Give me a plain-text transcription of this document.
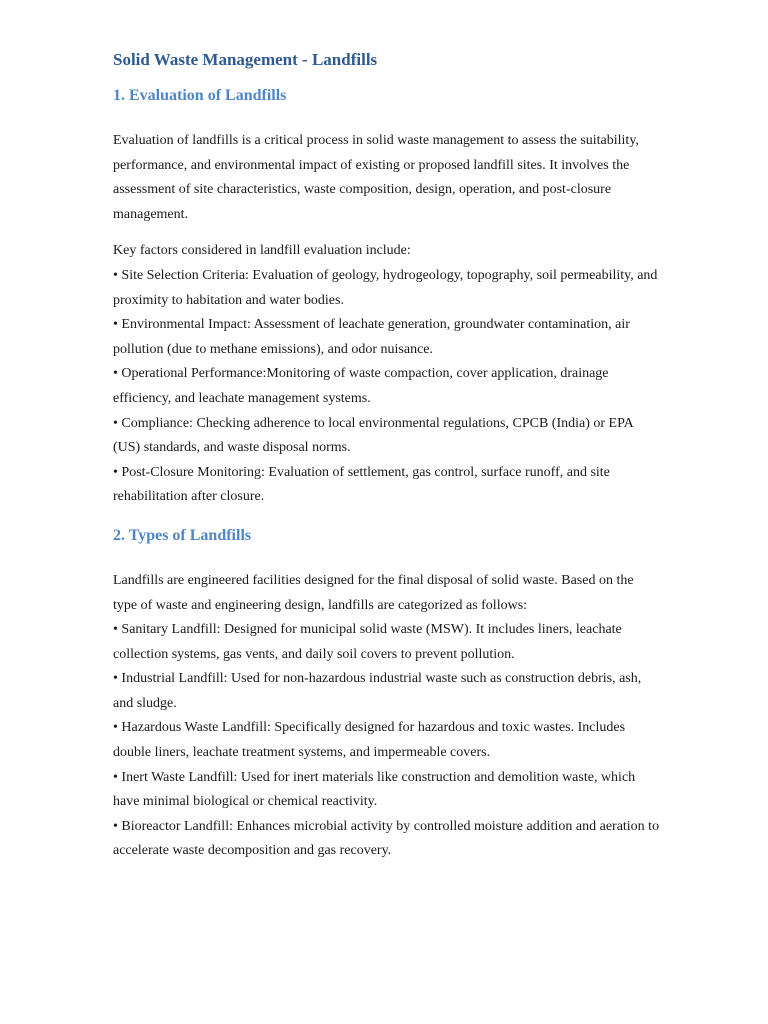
Solid Waste Management - Landfills
1. Evaluation of Landfills

Evaluation of landfills is a critical process in solid waste management to assess the suitability, performance, and environmental impact of existing or proposed landfill sites. It involves the assessment of site characteristics, waste composition, design, operation, and post-closure management.

Key factors considered in landfill evaluation include:

• Site Selection Criteria: Evaluation of geology, hydrogeology, topography, soil permeability, and proximity to habitation and water bodies.
• Environmental Impact: Assessment of leachate generation, groundwater contamination, air pollution (due to methane emissions), and odor nuisance.
• Operational Performance:Monitoring of waste compaction, cover application, drainage efficiency, and leachate management systems.
• Compliance: Checking adherence to local environmental regulations, CPCB (India) or EPA (US) standards, and waste disposal norms.
• Post-Closure Monitoring: Evaluation of settlement, gas control, surface runoff, and site rehabilitation after closure.
2. Types of Landfills

Landfills are engineered facilities designed for the final disposal of solid waste. Based on the type of waste and engineering design, landfills are categorized as follows:

• Sanitary Landfill: Designed for municipal solid waste (MSW). It includes liners, leachate collection systems, gas vents, and daily soil covers to prevent pollution.
• Industrial Landfill: Used for non-hazardous industrial waste such as construction debris, ash, and sludge.
• Hazardous Waste Landfill: Specifically designed for hazardous and toxic wastes. Includes double liners, leachate treatment systems, and impermeable covers.
• Inert Waste Landfill: Used for inert materials like construction and demolition waste, which have minimal biological or chemical reactivity.
• Bioreactor Landfill: Enhances microbial activity by controlled moisture addition and aeration to accelerate waste decomposition and gas recovery.
